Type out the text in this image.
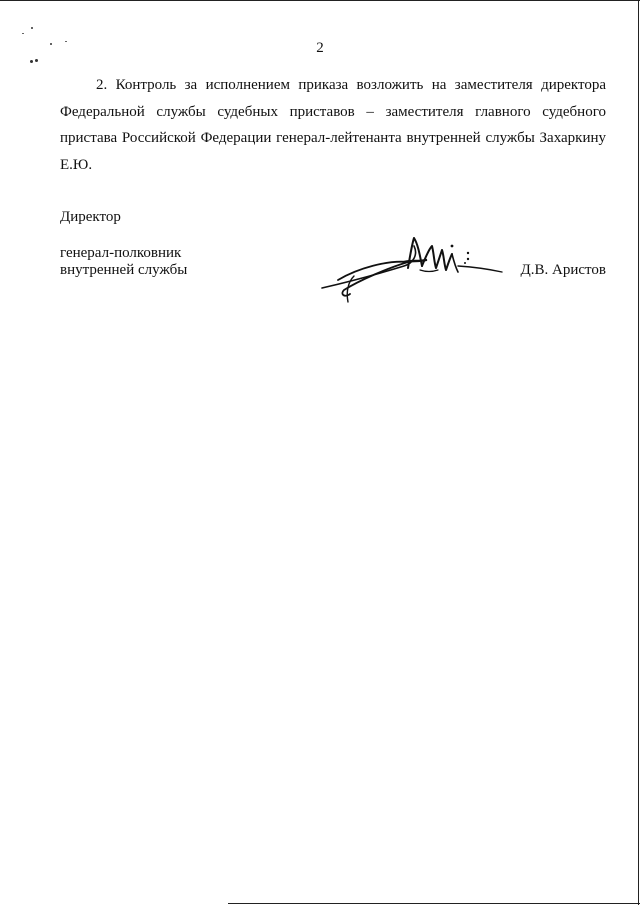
2

2. Контроль за исполнением приказа возложить на заместителя директора Федеральной службы судебных приставов – заместителя главного судебного пристава Российской Федерации генерал-лейтенанта внутренней службы Захаркину Е.Ю.

Директор
генерал-полковник
внутренней службы	Д.В. Аристов
